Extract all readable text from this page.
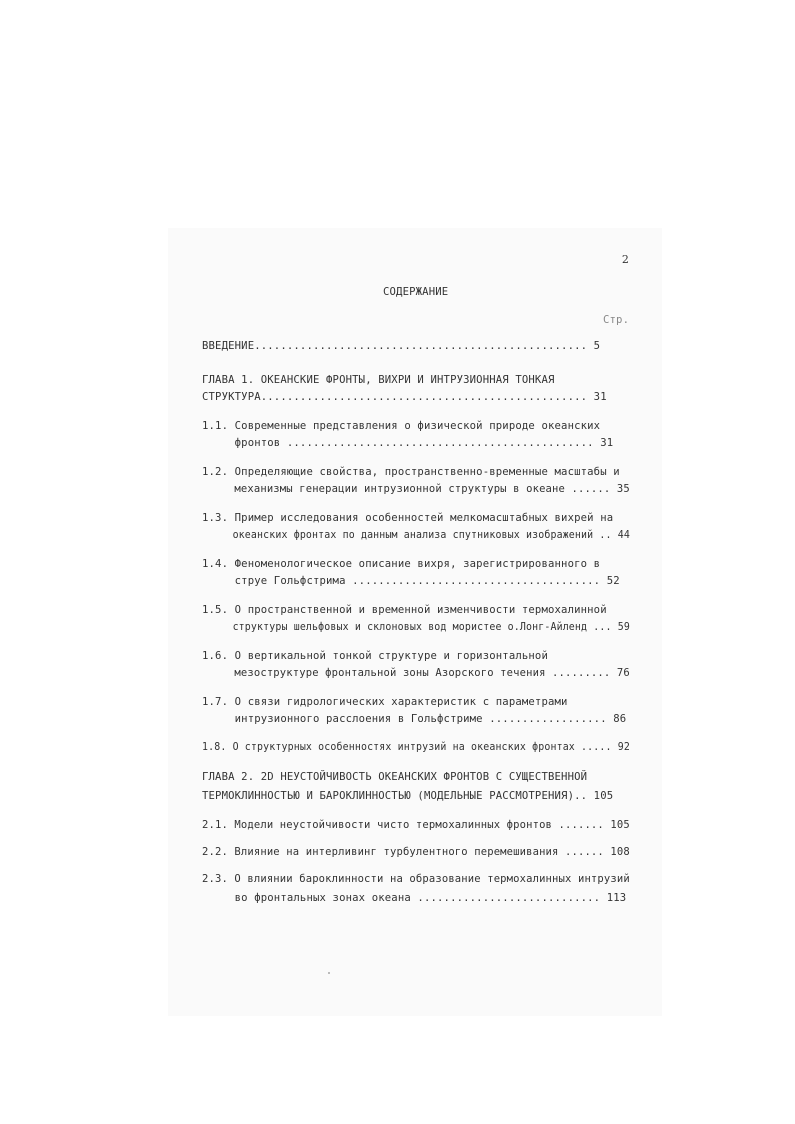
2
СОДЕРЖАНИЕ
Стр.
ВВЕДЕНИЕ................................................... 5
ГЛАВА 1. ОКЕАНСКИЕ ФРОНТЫ, ВИХРИ И ИНТРУЗИОННАЯ ТОНКАЯ
СТРУКТУРА.................................................. 31
1.1. Современные представления о физической природе океанских
фронтов ............................................... 31
1.2. Определяющие свойства, пространственно-временные масштабы и
механизмы генерации интрузионной структуры в океане ...... 35
1.3. Пример исследования особенностей мелкомасштабных вихрей на
океанских фронтах по данным анализа спутниковых изображений .. 44
1.4. Феноменологическое описание вихря, зарегистрированного в
струе Гольфстрима ...................................... 52
1.5. О пространственной и временной изменчивости термохалинной
структуры шельфовых и склоновых вод мористее о.Лонг-Айленд ... 59
1.6. О вертикальной тонкой структуре и горизонтальной
мезоструктуре фронтальной зоны Азорского течения ......... 76
1.7. О связи гидрологических характеристик с параметрами
интрузионного расслоения в Гольфстриме .................. 86
1.8. О структурных особенностях интрузий на океанских фронтах ..... 92
ГЛАВА 2. 2D НЕУСТОЙЧИВОСТЬ ОКЕАНСКИХ ФРОНТОВ С СУЩЕСТВЕННОЙ
ТЕРМОКЛИННОСТЬЮ И БАРОКЛИННОСТЬЮ (МОДЕЛЬНЫЕ РАССМОТРЕНИЯ).. 105
2.1. Модели неустойчивости чисто термохалинных фронтов ....... 105
2.2. Влияние на интерливинг турбулентного перемешивания ...... 108
2.3. О влиянии бароклинности на образование термохалинных интрузий
во фронтальных зонах океана ............................ 113
